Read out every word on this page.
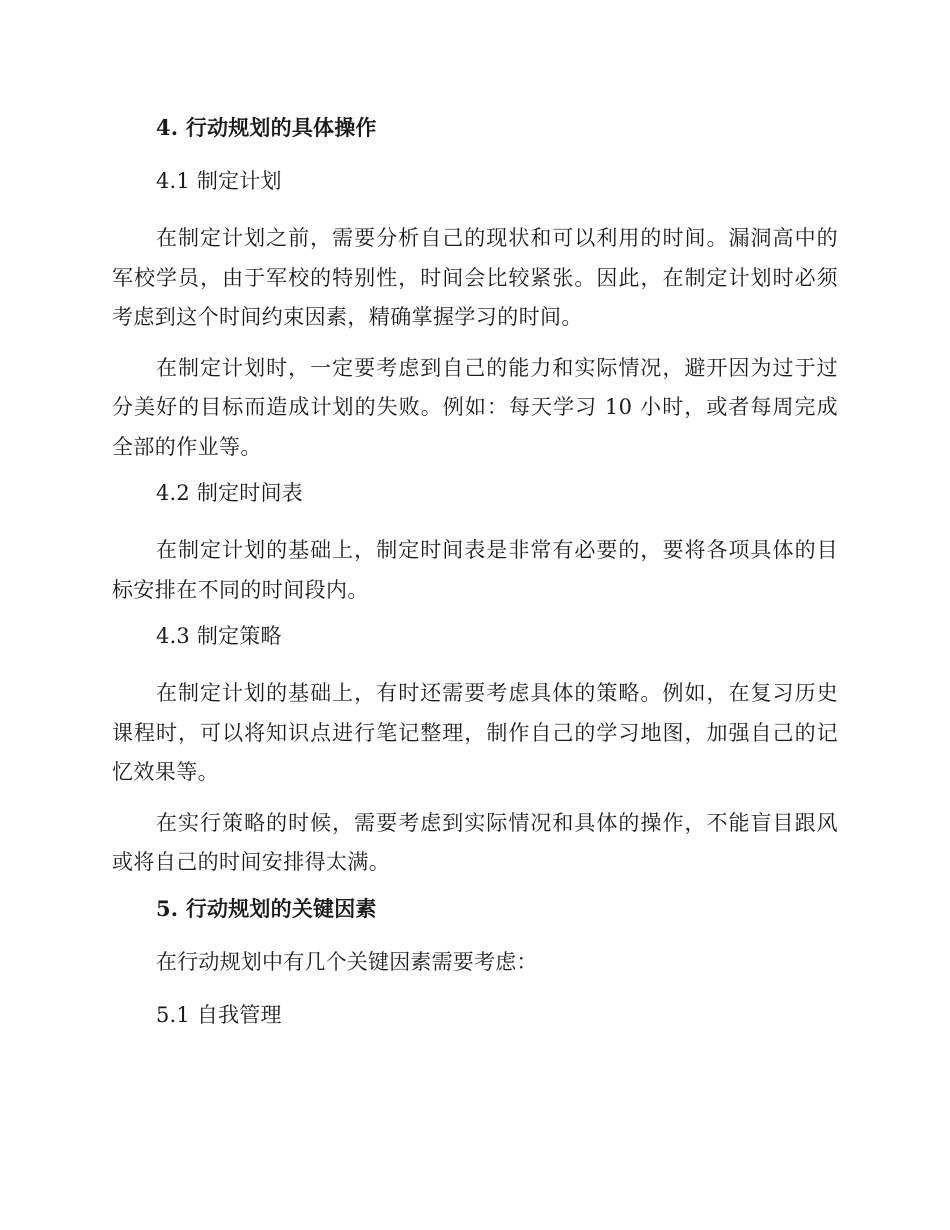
4. 行动规划的具体操作
4.1 制定计划

在制定计划之前，需要分析自己的现状和可以利用的时间。漏洞高中的军校学员，由于军校的特别性，时间会比较紧张。因此，在制定计划时必须考虑到这个时间约束因素，精确掌握学习的时间。

在制定计划时，一定要考虑到自己的能力和实际情况，避开因为过于过分美好的目标而造成计划的失败。例如：每天学习 10 小时，或者每周完成全部的作业等。

4.2 制定时间表

在制定计划的基础上，制定时间表是非常有必要的，要将各项具体的目标安排在不同的时间段内。

4.3 制定策略

在制定计划的基础上，有时还需要考虑具体的策略。例如，在复习历史课程时，可以将知识点进行笔记整理，制作自己的学习地图，加强自己的记忆效果等。

在实行策略的时候，需要考虑到实际情况和具体的操作，不能盲目跟风或将自己的时间安排得太满。

5. 行动规划的关键因素
在行动规划中有几个关键因素需要考虑：
5.1 自我管理
